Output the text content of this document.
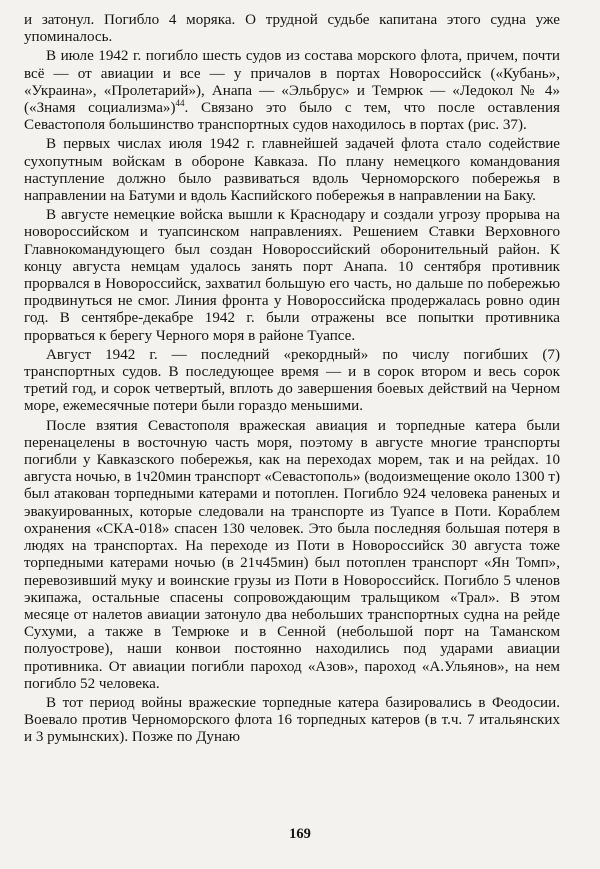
и затонул. Погибло 4 моряка. О трудной судьбе капитана этого судна уже упоминалось.

В июле 1942 г. погибло шесть судов из состава морского флота, причем, почти всё — от авиации и все — у причалов в портах Новороссийск («Кубань», «Украина», «Пролетарий»), Анапа — «Эльбрус» и Темрюк — «Ледокол № 4» («Знамя социализма»)$^{44}$. Связано это было с тем, что после оставления Севастополя большинство транспортных судов находилось в портах (рис. 37).

В первых числах июля 1942 г. главнейшей задачей флота стало содействие сухопутным войскам в обороне Кавказа. По плану немецкого командования наступление должно было развиваться вдоль Черноморского побережья в направлении на Батуми и вдоль Каспийского побережья в направлении на Баку.

В августе немецкие войска вышли к Краснодару и создали угрозу прорыва на новороссийском и туапсинском направлениях. Решением Ставки Верховного Главнокомандующего был создан Новороссийский оборонительный район. К концу августа немцам удалось занять порт Анапа. 10 сентября противник прорвался в Новороссийск, захватил большую его часть, но дальше по побережью продвинуться не смог. Линия фронта у Новороссийска продержалась ровно один год. В сентябре-декабре 1942 г. были отражены все попытки противника прорваться к берегу Черного моря в районе Туапсе.

Август 1942 г. — последний «рекордный» по числу погибших (7) транспортных судов. В последующее время — и в сорок втором и весь сорок третий год, и сорок четвертый, вплоть до завершения боевых действий на Черном море, ежемесячные потери были гораздо меньшими.

После взятия Севастополя вражеская авиация и торпедные катера были перенацелены в восточную часть моря, поэтому в августе многие транспорты погибли у Кавказского побережья, как на переходах морем, так и на рейдах. 10 августа ночью, в 1ч20мин транспорт «Севастополь» (водоизмещение около 1300 т) был атакован торпедными катерами и потоплен. Погибло 924 человека раненых и эвакуированных, которые следовали на транспорте из Туапсе в Поти. Кораблем охранения «СКА-018» спасен 130 человек. Это была последняя большая потеря в людях на транспортах. На переходе из Поти в Новороссийск 30 августа тоже торпедными катерами ночью (в 21ч45мин) был потоплен транспорт «Ян Томп», перевозивший муку и воинские грузы из Поти в Новороссийск. Погибло 5 членов экипажа, остальные спасены сопровождающим тральщиком «Трал». В этом месяце от налетов авиации затонуло два небольших транспортных судна на рейде Сухуми, а также в Темрюке и в Сенной (небольшой порт на Таманском полуострове), наши конвои постоянно находились под ударами авиации противника. От авиации погибли пароход «Азов», пароход «А.Ульянов», на нем погибло 52 человека.

В тот период войны вражеские торпедные катера базировались в Феодосии. Воевало против Черноморского флота 16 торпедных катеров (в т.ч. 7 итальянских и 3 румынских). Позже по Дунаю

169
